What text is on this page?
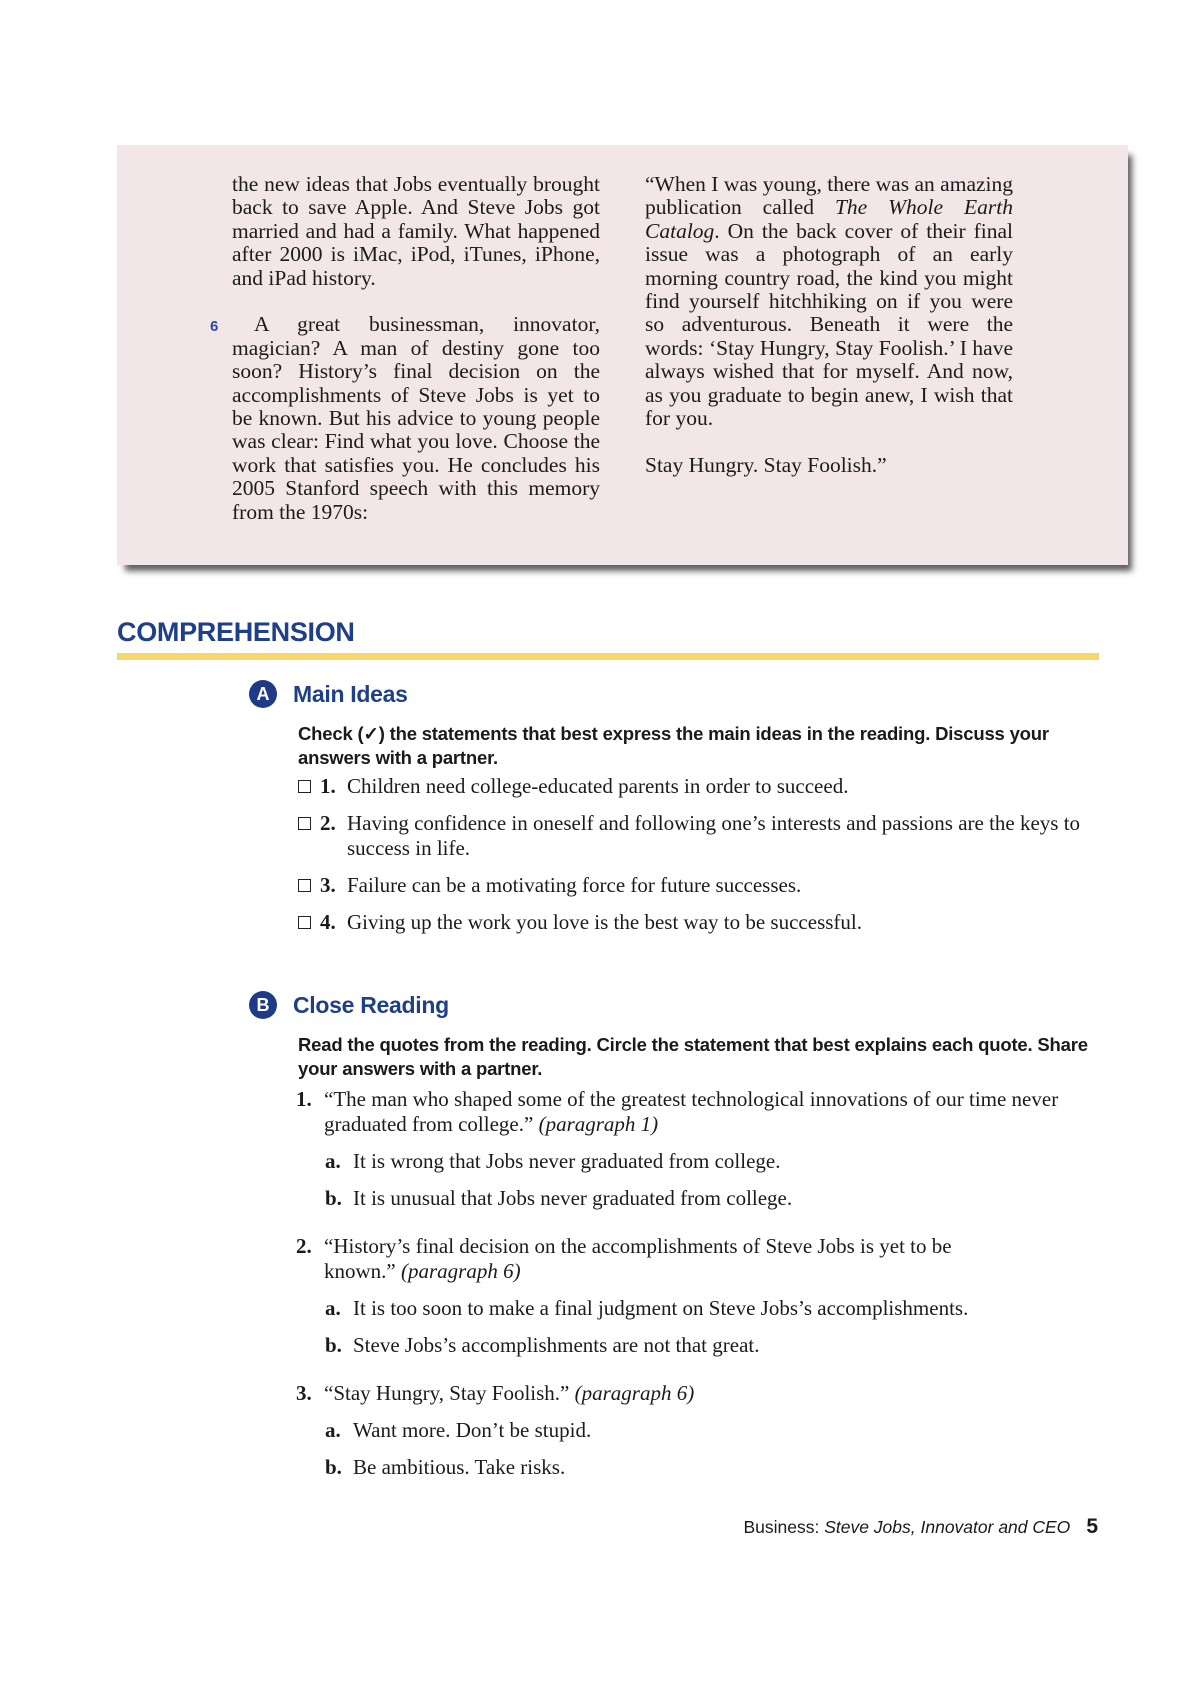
the new ideas that Jobs eventually brought back to save Apple. And Steve Jobs got married and had a family. What happened after 2000 is iMac, iPod, iTunes, iPhone, and iPad history.

A great businessman, innovator, magician? A man of destiny gone too soon? History’s final decision on the accomplishments of Steve Jobs is yet to be known. But his advice to young people was clear: Find what you love. Choose the work that satisfies you. He concludes his 2005 Stanford speech with this memory from the 1970s:

6

“When I was young, there was an amazing publication called The Whole Earth Catalog. On the back cover of their final issue was a photograph of an early morning country road, the kind you might find yourself hitchhiking on if you were so adventurous. Beneath it were the words: ‘Stay Hungry, Stay Foolish.’ I have always wished that for myself. And now, as you graduate to begin anew, I wish that for you.

Stay Hungry. Stay Foolish.”

COMPREHENSION
A	Main Ideas
Check (✓) the statements that best express the main ideas in the reading. Discuss your answers with a partner.
1. Children need college-educated parents in order to succeed.
2. Having confidence in oneself and following one’s interests and passions are the keys to success in life.
3. Failure can be a motivating force for future successes.
4. Giving up the work you love is the best way to be successful.
B	Close Reading
Read the quotes from the reading. Circle the statement that best explains each quote. Share your answers with a partner.
1. “The man who shaped some of the greatest technological innovations of our time never graduated from college.” (paragraph 1)
a. It is wrong that Jobs never graduated from college.
b. It is unusual that Jobs never graduated from college.
2. “History’s final decision on the accomplishments of Steve Jobs is yet to be known.” (paragraph 6)
a. It is too soon to make a final judgment on Steve Jobs’s accomplishments.
b. Steve Jobs’s accomplishments are not that great.
3. “Stay Hungry, Stay Foolish.” (paragraph 6)
a. Want more. Don’t be stupid.
b. Be ambitious. Take risks.
Business: Steve Jobs, Innovator and CEO 5
